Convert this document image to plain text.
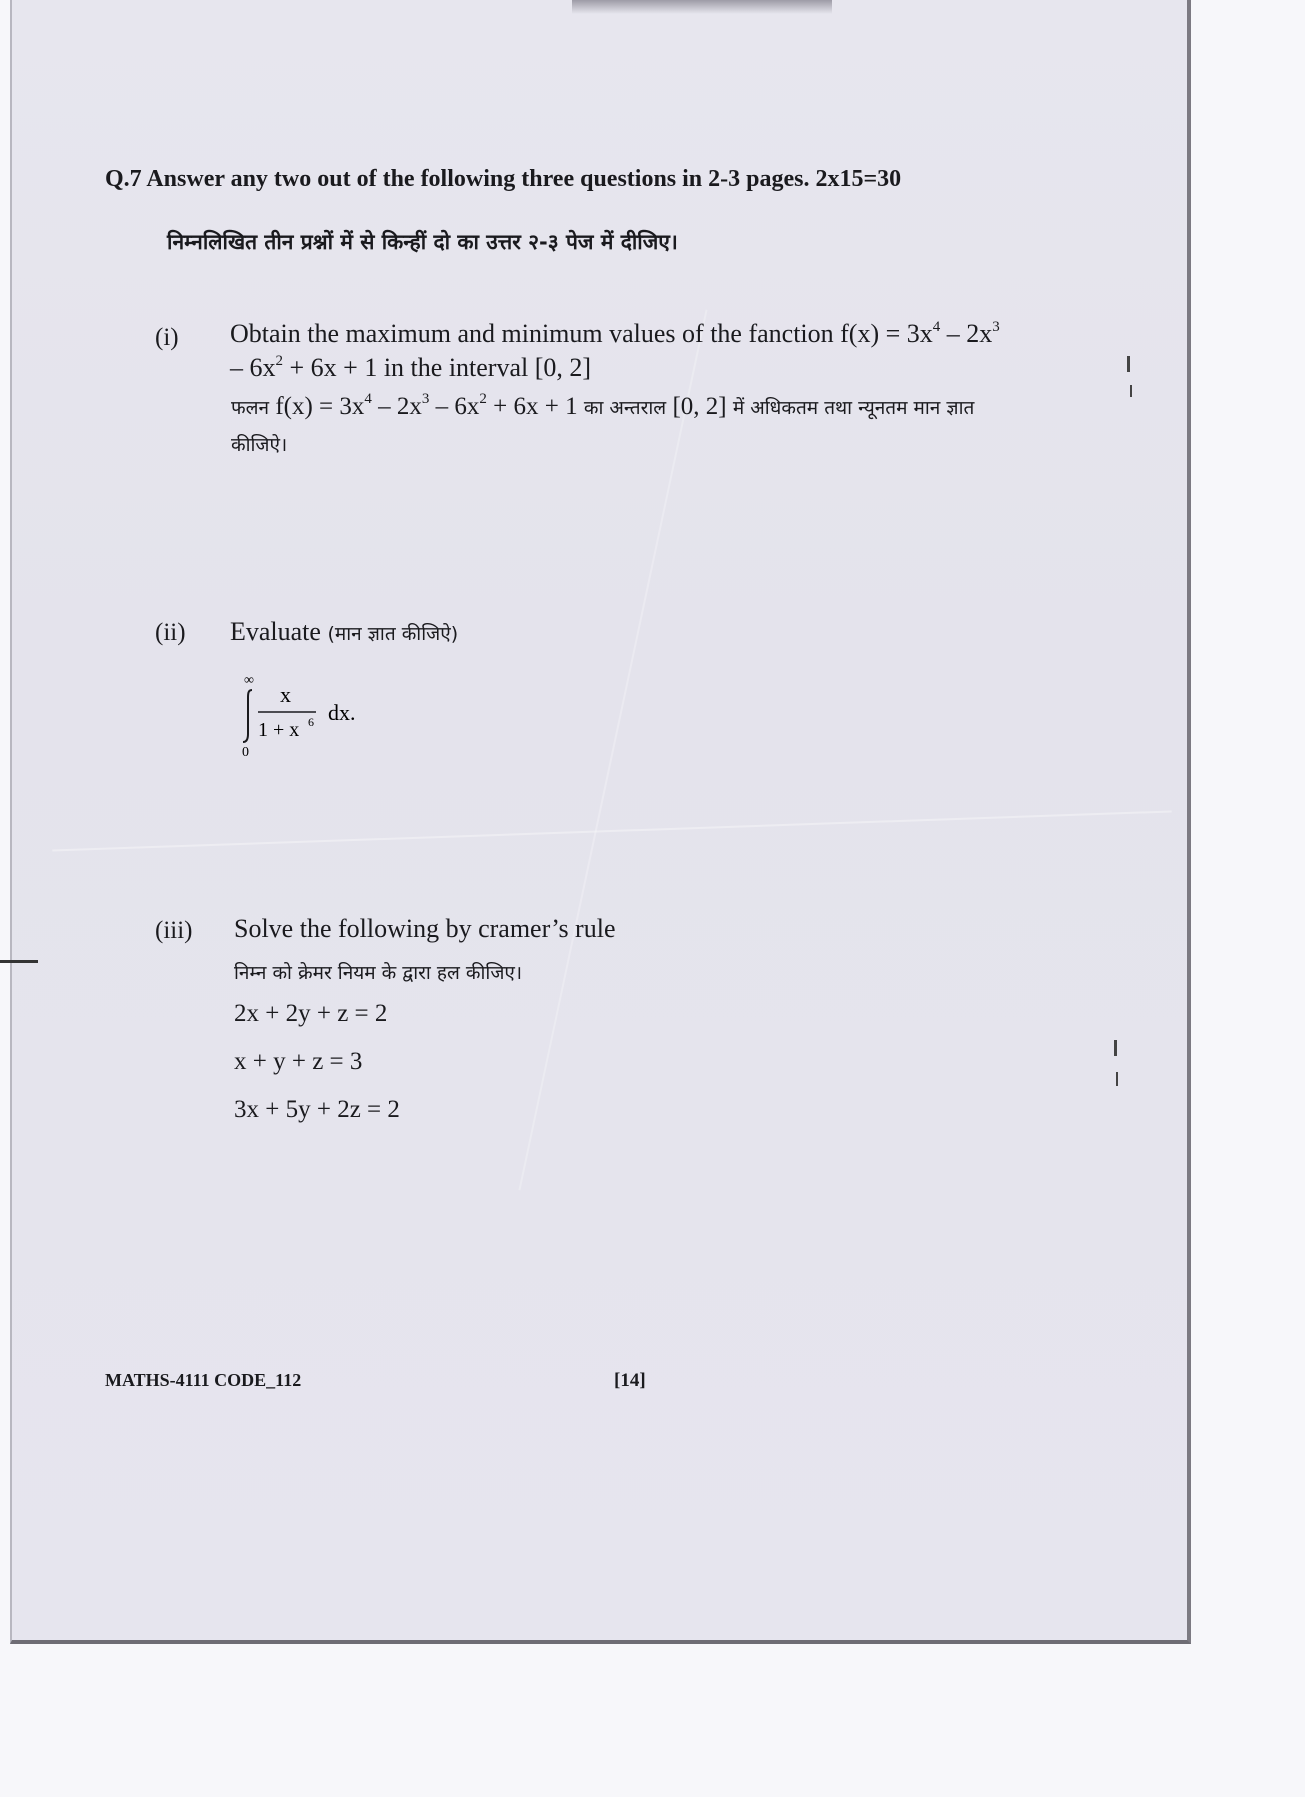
Q.7 Answer any two out of the following three questions in 2-3 pages. 2x15=30
निम्नलिखित तीन प्रश्नों में से किन्हीं दो का उत्तर २-३ पेज में दीजिए।
(i) Obtain the maximum and minimum values of the fanction $f(x) = 3x^4 - 2x^3$
– $6x^2 + 6x + 1$ in the interval [0, 2]
फलन $f(x) = 3x^4 - 2x^3 - 6x^2 + 6x + 1$ का अन्तराल [0, 2] में अधिकतम तथा न्यूनतम मान ज्ञात
कीजिऐ।
(ii) Evaluate (मान ज्ञात कीजिऐ)
∞
0
x
1 + x 6 dx.
(iii) Solve the following by cramer’s rule
निम्न को क्रेमर नियम के द्वारा हल कीजिए।
2x + 2y + z = 2
x + y + z = 3
3x + 5y + 2z = 2
MATHS-4111 CODE_112	[14]
